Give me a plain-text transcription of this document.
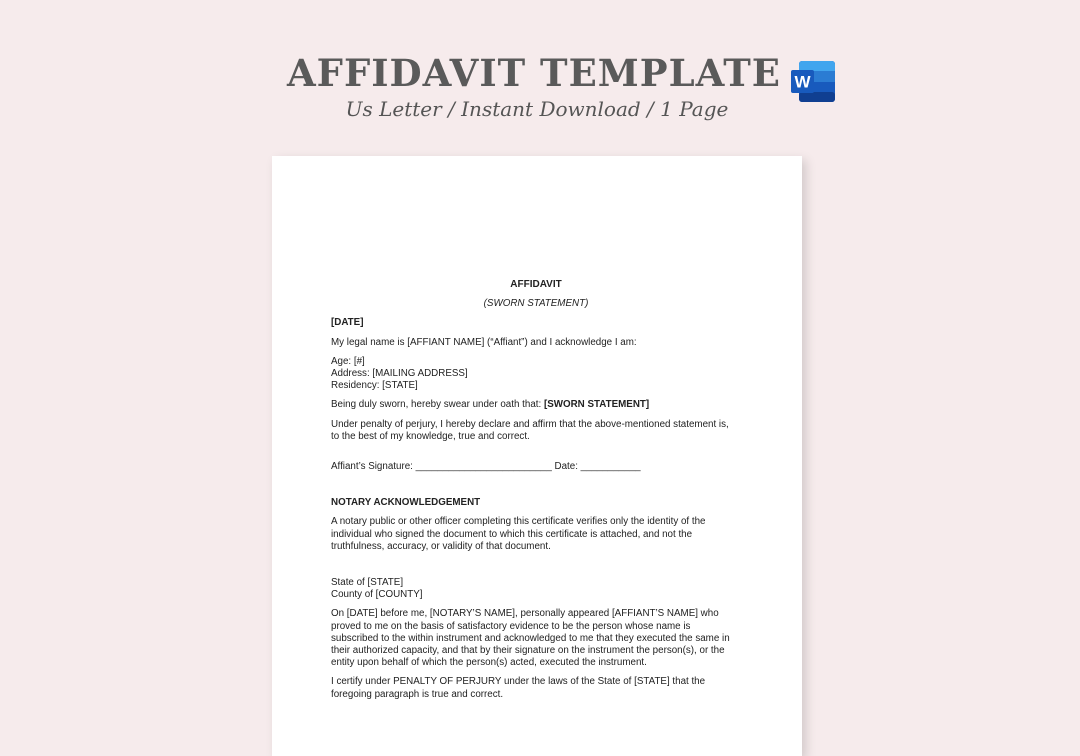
AFFIDAVIT TEMPLATE

Us Letter / Instant Download / 1 Page

W

AFFIDAVIT

(SWORN STATEMENT)

[DATE]

My legal name is [AFFIANT NAME] (“Affiant”) and I acknowledge I am:

Age: [#]
Address: [MAILING ADDRESS]
Residency: [STATE]

Being duly sworn, hereby swear under oath that: [SWORN STATEMENT]

Under penalty of perjury, I hereby declare and affirm that the above-mentioned statement is,
to the best of my knowledge, true and correct.

Affiant’s Signature: _________________________ Date: ___________

NOTARY ACKNOWLEDGEMENT

A notary public or other officer completing this certificate verifies only the identity of the
individual who signed the document to which this certificate is attached, and not the
truthfulness, accuracy, or validity of that document.

State of [STATE]
County of [COUNTY]

On [DATE] before me, [NOTARY’S NAME], personally appeared [AFFIANT’S NAME] who
proved to me on the basis of satisfactory evidence to be the person whose name is
subscribed to the within instrument and acknowledged to me that they executed the same in
their authorized capacity, and that by their signature on the instrument the person(s), or the
entity upon behalf of which the person(s) acted, executed the instrument.

I certify under PENALTY OF PERJURY under the laws of the State of [STATE] that the
foregoing paragraph is true and correct.
